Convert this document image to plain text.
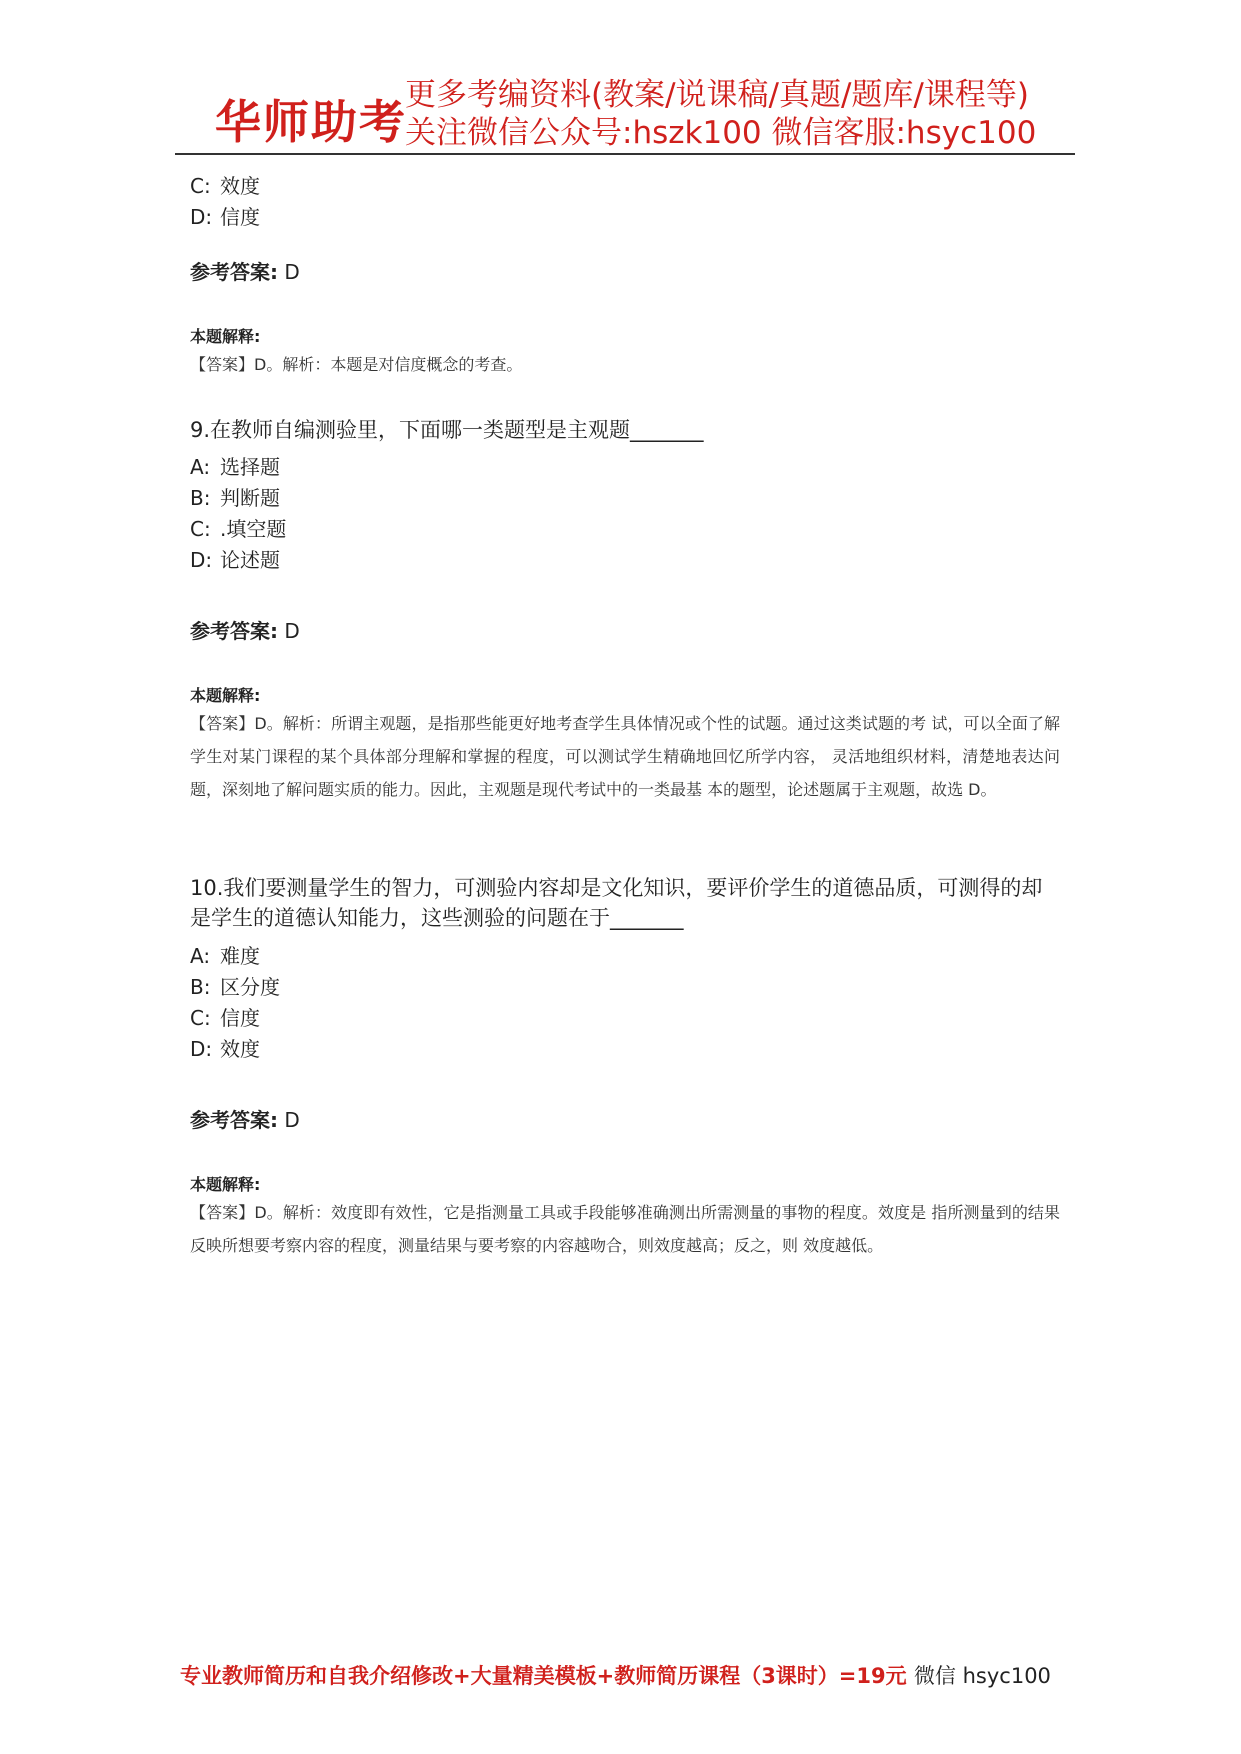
华师助考
更多考编资料(教案/说课稿/真题/题库/课程等)
关注微信公众号:hszk100 微信客服:hsyc100
C: 效度
D: 信度
参考答案: D
本题解释:
【答案】D。解析：本题是对信度概念的考查。
9.在教师自编测验里，下面哪一类题型是主观题_______
A: 选择题
B: 判断题
C: .填空题
D: 论述题
参考答案: D
本题解释:
【答案】D。解析：所谓主观题，是指那些能更好地考查学生具体情况或个性的试题。通过这类试题的考 试，可以全面了解学生对某门课程的某个具体部分理解和掌握的程度，可以测试学生精确地回忆所学内容， 灵活地组织材料，清楚地表达问题，深刻地了解问题实质的能力。因此，主观题是现代考试中的一类最基 本的题型，论述题属于主观题，故选 D。
10.我们要测量学生的智力，可测验内容却是文化知识，要评价学生的道德品质，可测得的却是学生的道德认知能力，这些测验的问题在于_______
A: 难度
B: 区分度
C: 信度
D: 效度
参考答案: D
本题解释:
【答案】D。解析：效度即有效性，它是指测量工具或手段能够准确测出所需测量的事物的程度。效度是 指所测量到的结果反映所想要考察内容的程度，测量结果与要考察的内容越吻合，则效度越高；反之，则 效度越低。
专业教师简历和自我介绍修改+大量精美模板+教师简历课程（3课时）=19元 微信 hsyc100
